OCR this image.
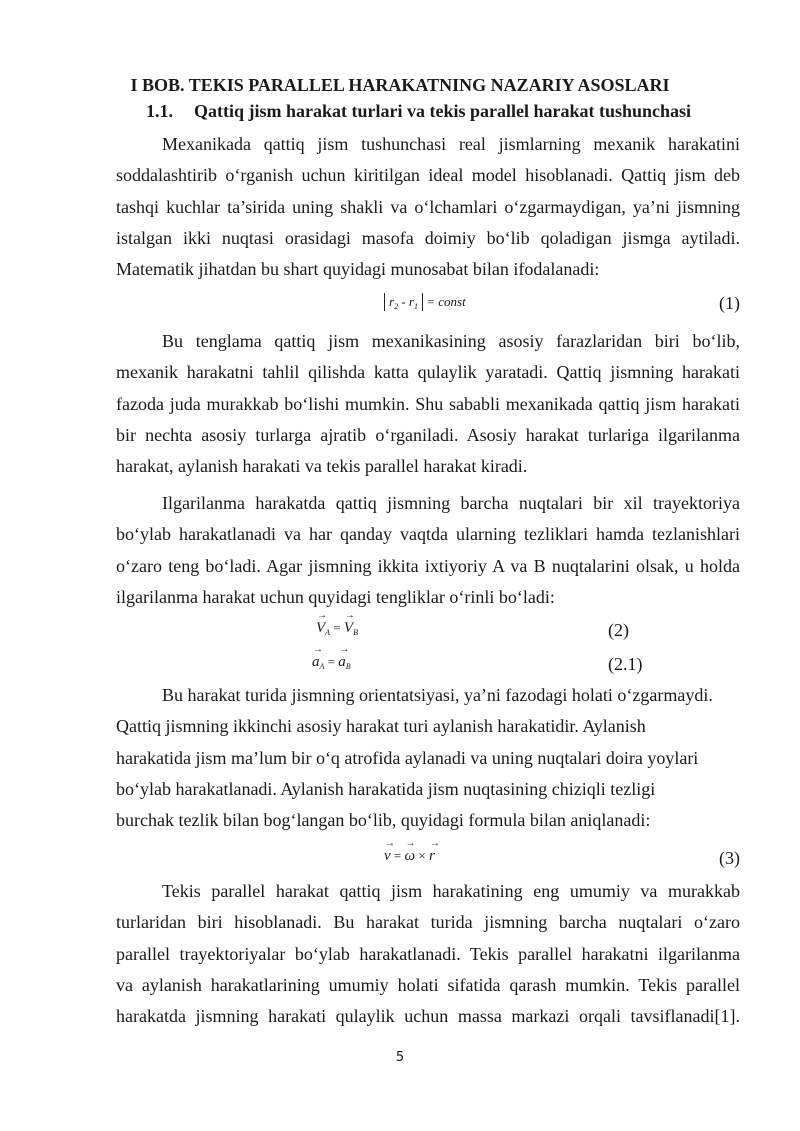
I BOB. TEKIS PARALLEL HARAKATNING NAZARIY ASOSLARI
1.1. Qattiq jism harakat turlari va tekis parallel harakat tushunchasi
Mexanikada qattiq jism tushunchasi real jismlarning mexanik harakatini
soddalashtirib o‘rganish uchun kiritilgan ideal model hisoblanadi. Qattiq jism deb
tashqi kuchlar ta’sirida uning shakli va o‘lchamlari o‘zgarmaydigan, ya’ni jismning
istalgan ikki nuqtasi orasidagi masofa doimiy bo‘lib qoladigan jismga aytiladi.
Matematik jihatdan bu shart quyidagi munosabat bilan ifodalanadi:
$r_2 - r_1$ = const	(1)
Bu tenglama qattiq jism mexanikasining asosiy farazlaridan biri bo‘lib,
mexanik harakatni tahlil qilishda katta qulaylik yaratadi. Qattiq jismning harakati
fazoda juda murakkab bo‘lishi mumkin. Shu sababli mexanikada qattiq jism harakati
bir nechta asosiy turlarga ajratib o‘rganiladi. Asosiy harakat turlariga ilgarilanma
harakat, aylanish harakati va tekis parallel harakat kiradi.
Ilgarilanma harakatda qattiq jismning barcha nuqtalari bir xil trayektoriya
bo‘ylab harakatlanadi va har qanday vaqtda ularning tezliklari hamda tezlanishlari
o‘zaro teng bo‘ladi. Agar jismning ikkita ixtiyoriy A va B nuqtalarini olsak, u holda
ilgarilanma harakat uchun quyidagi tengliklar o‘rinli bo‘ladi:
→ $V_A$ = → $V_B$	(2)
→ $a_A$ = → $a_B$	(2.1)
Bu harakat turida jismning orientatsiyasi, ya’ni fazodagi holati o‘zgarmaydi.
Qattiq jismning ikkinchi asosiy harakat turi aylanish harakatidir. Aylanish
harakatida jism ma’lum bir o‘q atrofida aylanadi va uning nuqtalari doira yoylari
bo‘ylab harakatlanadi. Aylanish harakatida jism nuqtasining chiziqli tezligi
burchak tezlik bilan bog‘langan bo‘lib, quyidagi formula bilan aniqlanadi:
→ v = → ω × → r	(3)
Tekis parallel harakat qattiq jism harakatining eng umumiy va murakkab
turlaridan biri hisoblanadi. Bu harakat turida jismning barcha nuqtalari o‘zaro
parallel trayektoriyalar bo‘ylab harakatlanadi. Tekis parallel harakatni ilgarilanma
va aylanish harakatlarining umumiy holati sifatida qarash mumkin. Tekis parallel
harakatda jismning harakati qulaylik uchun massa markazi orqali tavsiflanadi[1].
5
